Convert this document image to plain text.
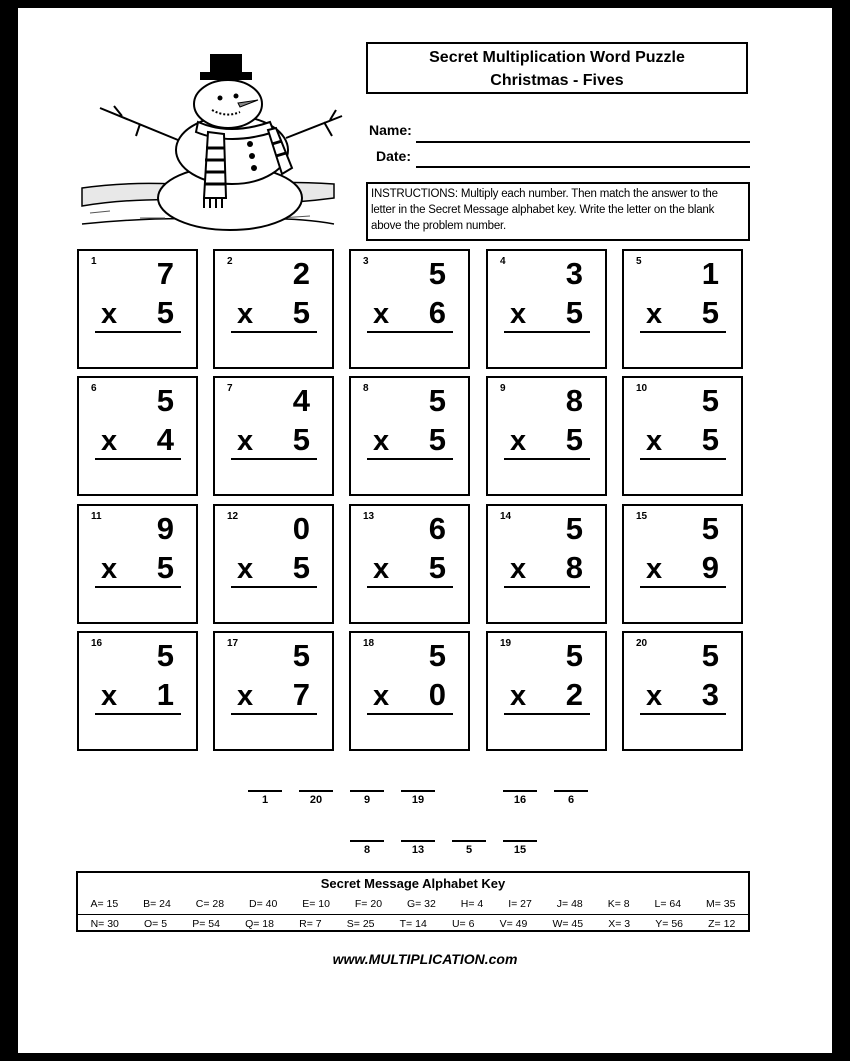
Secret Multiplication Word Puzzle
Christmas - Fives
Name:
Date:
INSTRUCTIONS: Multiply each number. Then match the answer to the letter in the Secret Message alphabet key. Write the letter on the blank above the problem number.
1 7
x 5
2 2
x 5
3 5
x 6
4 3
x 5
5 1
x 5
6 5
x 4
7 4
x 5
8 5
x 5
9 8
x 5
10 5
x 5
11 9
x 5
12 0
x 5
13 6
x 5
14 5
x 8
15 5
x 9
16 5
x 1
17 5
x 7
18 5
x 0
19 5
x 2
20 5
x 3
1	20	9	19	16	6
8	13	5	15
Secret Message Alphabet Key
A= 15 B= 24 C= 28 D= 40 E= 10 F= 20 G= 32 H= 4 I= 27 J= 48 K= 8 L= 64 M= 35
N= 30 O= 5 P= 54 Q= 18 R= 7 S= 25 T= 14 U= 6 V= 49 W= 45 X= 3 Y= 56 Z= 12
www.MULTIPLICATION.com
